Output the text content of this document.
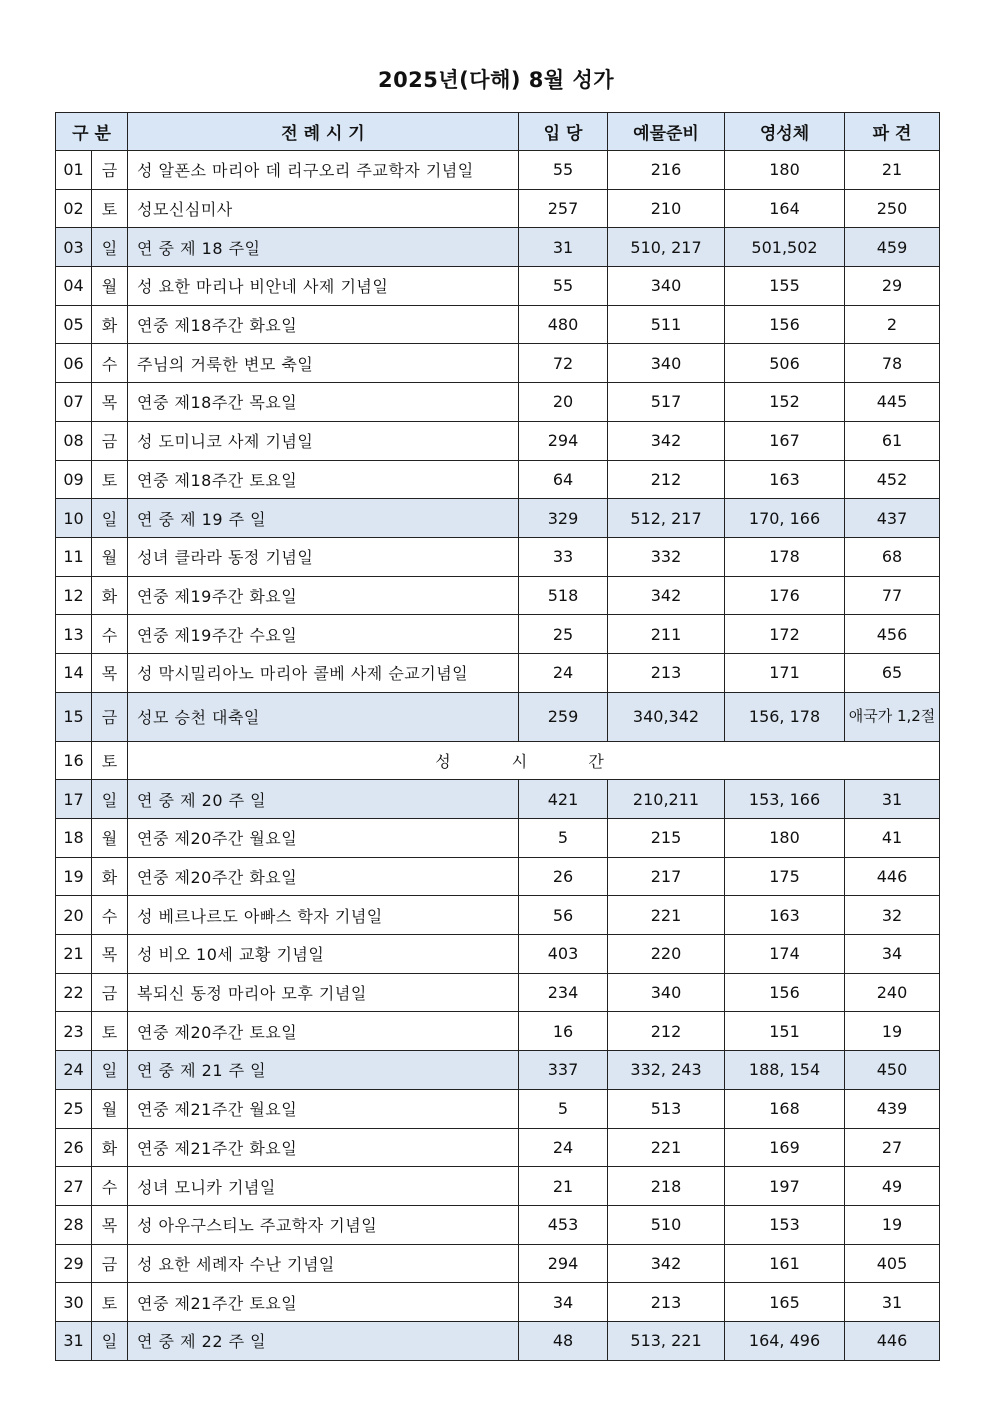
2025년(다해) 8월 성가
구 분		전 례 시 기	입 당	예물준비	영성체	파 견
01	금	성 알폰소 마리아 데 리구오리 주교학자 기념일	55	216	180	21
02	토	성모신심미사	257	210	164	250
03	일	연 중 제 18 주일	31	510, 217	501,502	459
04	월	성 요한 마리나 비안네 사제 기념일	55	340	155	29
05	화	연중 제18주간 화요일	480	511	156	2
06	수	주님의 거룩한 변모 축일	72	340	506	78
07	목	연중 제18주간 목요일	20	517	152	445
08	금	성 도미니코 사제 기념일	294	342	167	61
09	토	연중 제18주간 토요일	64	212	163	452
10	일	연 중 제 19 주 일	329	512, 217	170, 166	437
11	월	성녀 클라라 동정 기념일	33	332	178	68
12	화	연중 제19주간 화요일	518	342	176	77
13	수	연중 제19주간 수요일	25	211	172	456
14	목	성 막시밀리아노 마리아 콜베 사제 순교기념일	24	213	171	65
15	금	성모 승천 대축일	259	340,342	156, 178	애국가 1,2절
16	토	성 시 간				
17	일	연 중 제 20 주 일	421	210,211	153, 166	31
18	월	연중 제20주간 월요일	5	215	180	41
19	화	연중 제20주간 화요일	26	217	175	446
20	수	성 베르나르도 아빠스 학자 기념일	56	221	163	32
21	목	성 비오 10세 교황 기념일	403	220	174	34
22	금	복되신 동정 마리아 모후 기념일	234	340	156	240
23	토	연중 제20주간 토요일	16	212	151	19
24	일	연 중 제 21 주 일	337	332, 243	188, 154	450
25	월	연중 제21주간 월요일	5	513	168	439
26	화	연중 제21주간 화요일	24	221	169	27
27	수	성녀 모니카 기념일	21	218	197	49
28	목	성 아우구스티노 주교학자 기념일	453	510	153	19
29	금	성 요한 세례자 수난 기념일	294	342	161	405
30	토	연중 제21주간 토요일	34	213	165	31
31	일	연 중 제 22 주 일	48	513, 221	164, 496	446
